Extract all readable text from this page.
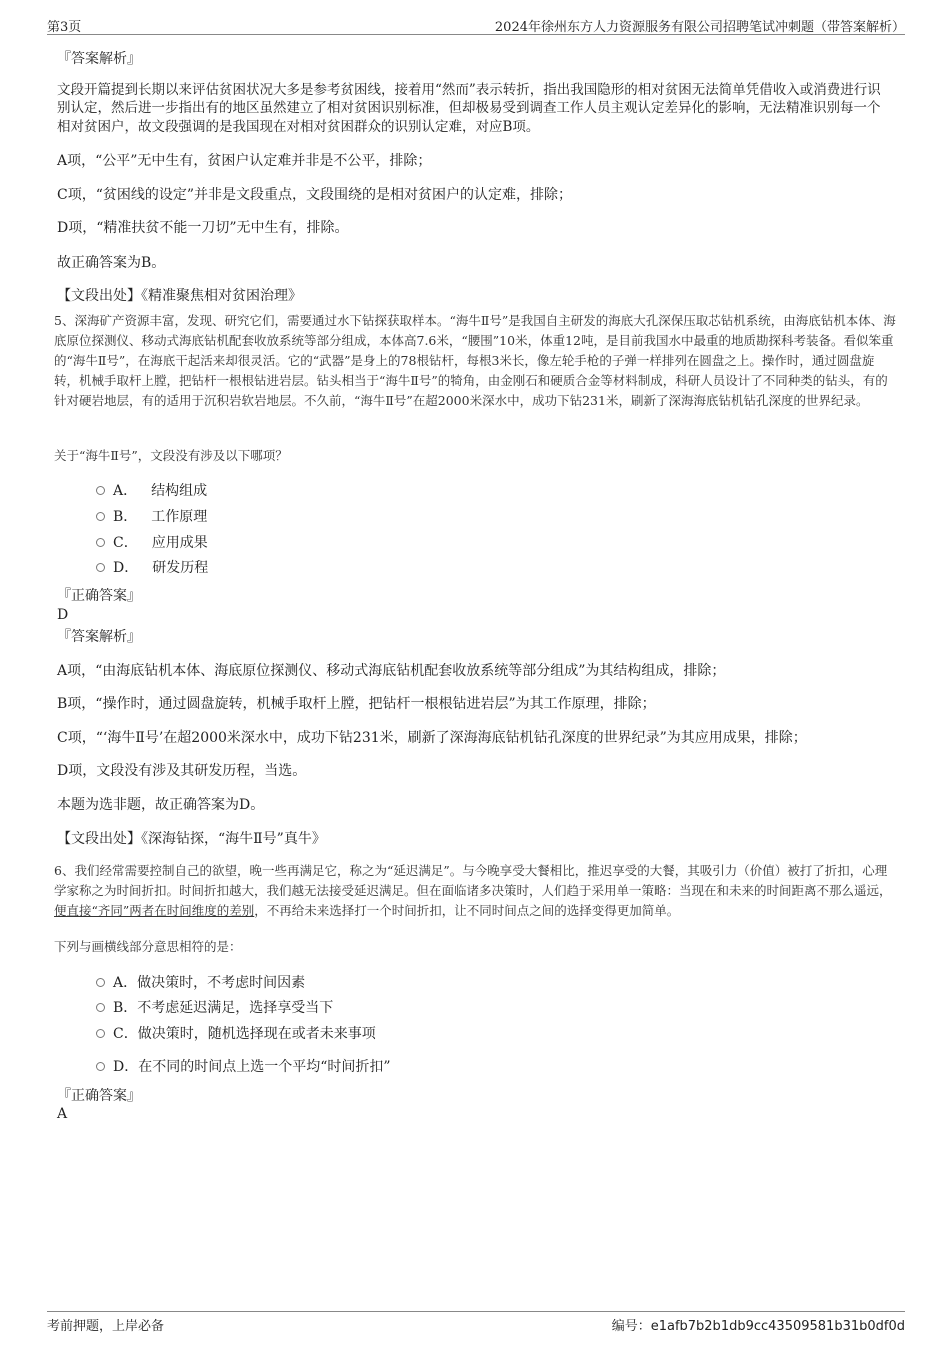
第3页	2024年徐州东方人力资源服务有限公司招聘笔试冲刺题（带答案解析）
『答案解析』
文段开篇提到长期以来评估贫困状况大多是参考贫困线，接着用“然而”表示转折，指出我国隐形的相对贫困无法简单凭借收入或消费进行识别认定，然后进一步指出有的地区虽然建立了相对贫困识别标准，但却极易受到调查工作人员主观认定差异化的影响，无法精准识别每一个相对贫困户，故文段强调的是我国现在对相对贫困群众的识别认定难，对应B项。
A项，“公平”无中生有，贫困户认定难并非是不公平，排除；
C项，“贫困线的设定”并非是文段重点，文段围绕的是相对贫困户的认定难，排除；
D项，“精准扶贫不能一刀切”无中生有，排除。
故正确答案为B。
【文段出处】《精准聚焦相对贫困治理》
5、深海矿产资源丰富，发现、研究它们，需要通过水下钻探获取样本。“海牛Ⅱ号”是我国自主研发的海底大孔深保压取芯钻机系统，由海底钻机本体、海底原位探测仪、移动式海底钻机配套收放系统等部分组成，本体高7.6米，“腰围”10米，体重12吨，是目前我国水中最重的地质勘探科考装备。看似笨重的“海牛Ⅱ号”，在海底干起活来却很灵活。它的“武器”是身上的78根钻杆，每根3米长，像左轮手枪的子弹一样排列在圆盘之上。操作时，通过圆盘旋转，机械手取杆上膛，把钻杆一根根钻进岩层。钻头相当于“海牛Ⅱ号”的犄角，由金刚石和硬质合金等材料制成，科研人员设计了不同种类的钻头，有的针对硬岩地层，有的适用于沉积岩软岩地层。不久前，“海牛Ⅱ号”在超2000米深水中，成功下钻231米，刷新了深海海底钻机钻孔深度的世界纪录。
关于“海牛Ⅱ号”，文段没有涉及以下哪项？
A． 结构组成
B． 工作原理
C． 应用成果
D． 研发历程
『正确答案』
D
『答案解析』
A项，“由海底钻机本体、海底原位探测仪、移动式海底钻机配套收放系统等部分组成”为其结构组成，排除；
B项，“操作时，通过圆盘旋转，机械手取杆上膛，把钻杆一根根钻进岩层”为其工作原理，排除；
C项，“‘海牛Ⅱ号’在超2000米深水中，成功下钻231米，刷新了深海海底钻机钻孔深度的世界纪录”为其应用成果，排除；
D项，文段没有涉及其研发历程，当选。
本题为选非题，故正确答案为D。
【文段出处】《深海钻探，“海牛Ⅱ号”真牛》
6、我们经常需要控制自己的欲望，晚一些再满足它，称之为“延迟满足”。与今晚享受大餐相比，推迟享受的大餐，其吸引力（价值）被打了折扣，心理学家称之为时间折扣。时间折扣越大，我们越无法接受延迟满足。但在面临诸多决策时，人们趋于采用单一策略：当现在和未来的时间距离不那么遥远，便直接“齐同”两者在时间维度的差别，不再给未来选择打一个时间折扣，让不同时间点之间的选择变得更加简单。
下列与画横线部分意思相符的是：
A．做决策时，不考虑时间因素
B．不考虑延迟满足，选择享受当下
C．做决策时，随机选择现在或者未来事项
D．在不同的时间点上选一个平均“时间折扣”
『正确答案』
A
考前押题，上岸必备	编号：e1afb7b2b1db9cc43509581b31b0df0d
